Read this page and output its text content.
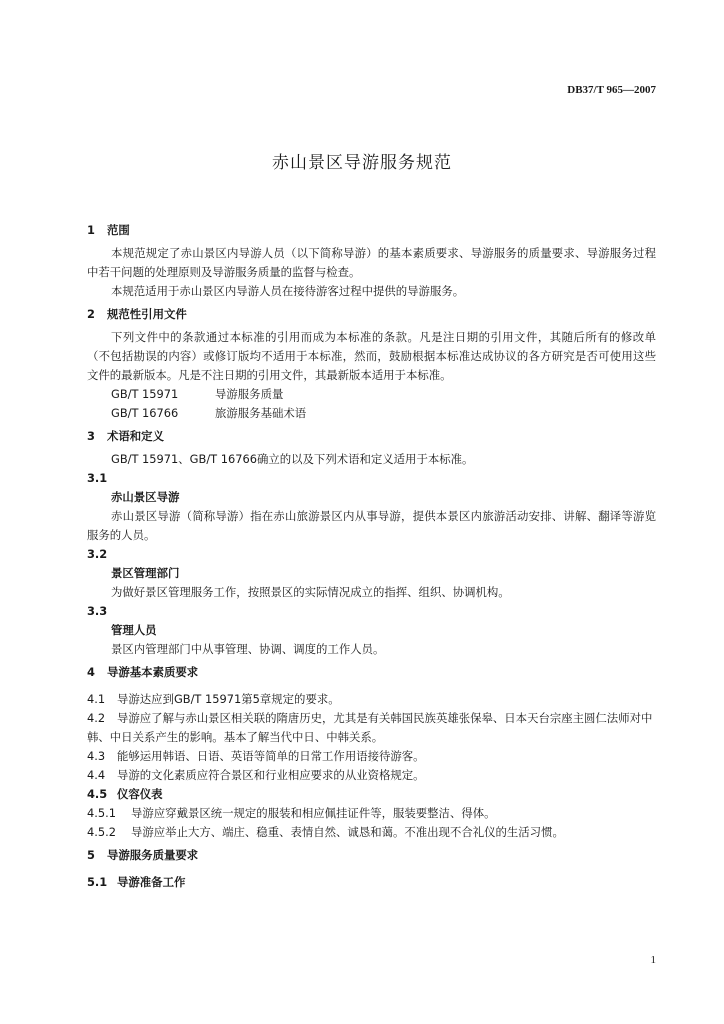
DB37/T 965—2007
赤山景区导游服务规范
1 范围
本规范规定了赤山景区内导游人员（以下简称导游）的基本素质要求、导游服务的质量要求、导游服务过程中若干问题的处理原则及导游服务质量的监督与检查。
本规范适用于赤山景区内导游人员在接待游客过程中提供的导游服务。
2 规范性引用文件
下列文件中的条款通过本标准的引用而成为本标准的条款。凡是注日期的引用文件，其随后所有的修改单（不包括勘误的内容）或修订版均不适用于本标准，然而，鼓励根据本标准达成协议的各方研究是否可使用这些文件的最新版本。凡是不注日期的引用文件，其最新版本适用于本标准。
GB/T 15971	导游服务质量
GB/T 16766	旅游服务基础术语
3 术语和定义
GB/T 15971、GB/T 16766确立的以及下列术语和定义适用于本标准。
3.1
赤山景区导游
赤山景区导游（简称导游）指在赤山旅游景区内从事导游，提供本景区内旅游活动安排、讲解、翻译等游览服务的人员。
3.2
景区管理部门
为做好景区管理服务工作，按照景区的实际情况成立的指挥、组织、协调机构。
3.3
管理人员
景区内管理部门中从事管理、协调、调度的工作人员。
4 导游基本素质要求
4.1 导游达应到GB/T 15971第5章规定的要求。
4.2 导游应了解与赤山景区相关联的隋唐历史，尤其是有关韩国民族英雄张保皋、日本天台宗座主圆仁法师对中韩、中日关系产生的影响。基本了解当代中日、中韩关系。
4.3 能够运用韩语、日语、英语等简单的日常工作用语接待游客。
4.4 导游的文化素质应符合景区和行业相应要求的从业资格规定。
4.5 仪容仪表
4.5.1 导游应穿戴景区统一规定的服装和相应佩挂证件等，服装要整洁、得体。
4.5.2 导游应举止大方、端庄、稳重、表情自然、诚恳和蔼。不准出现不合礼仪的生活习惯。
5 导游服务质量要求
5.1 导游准备工作
1
